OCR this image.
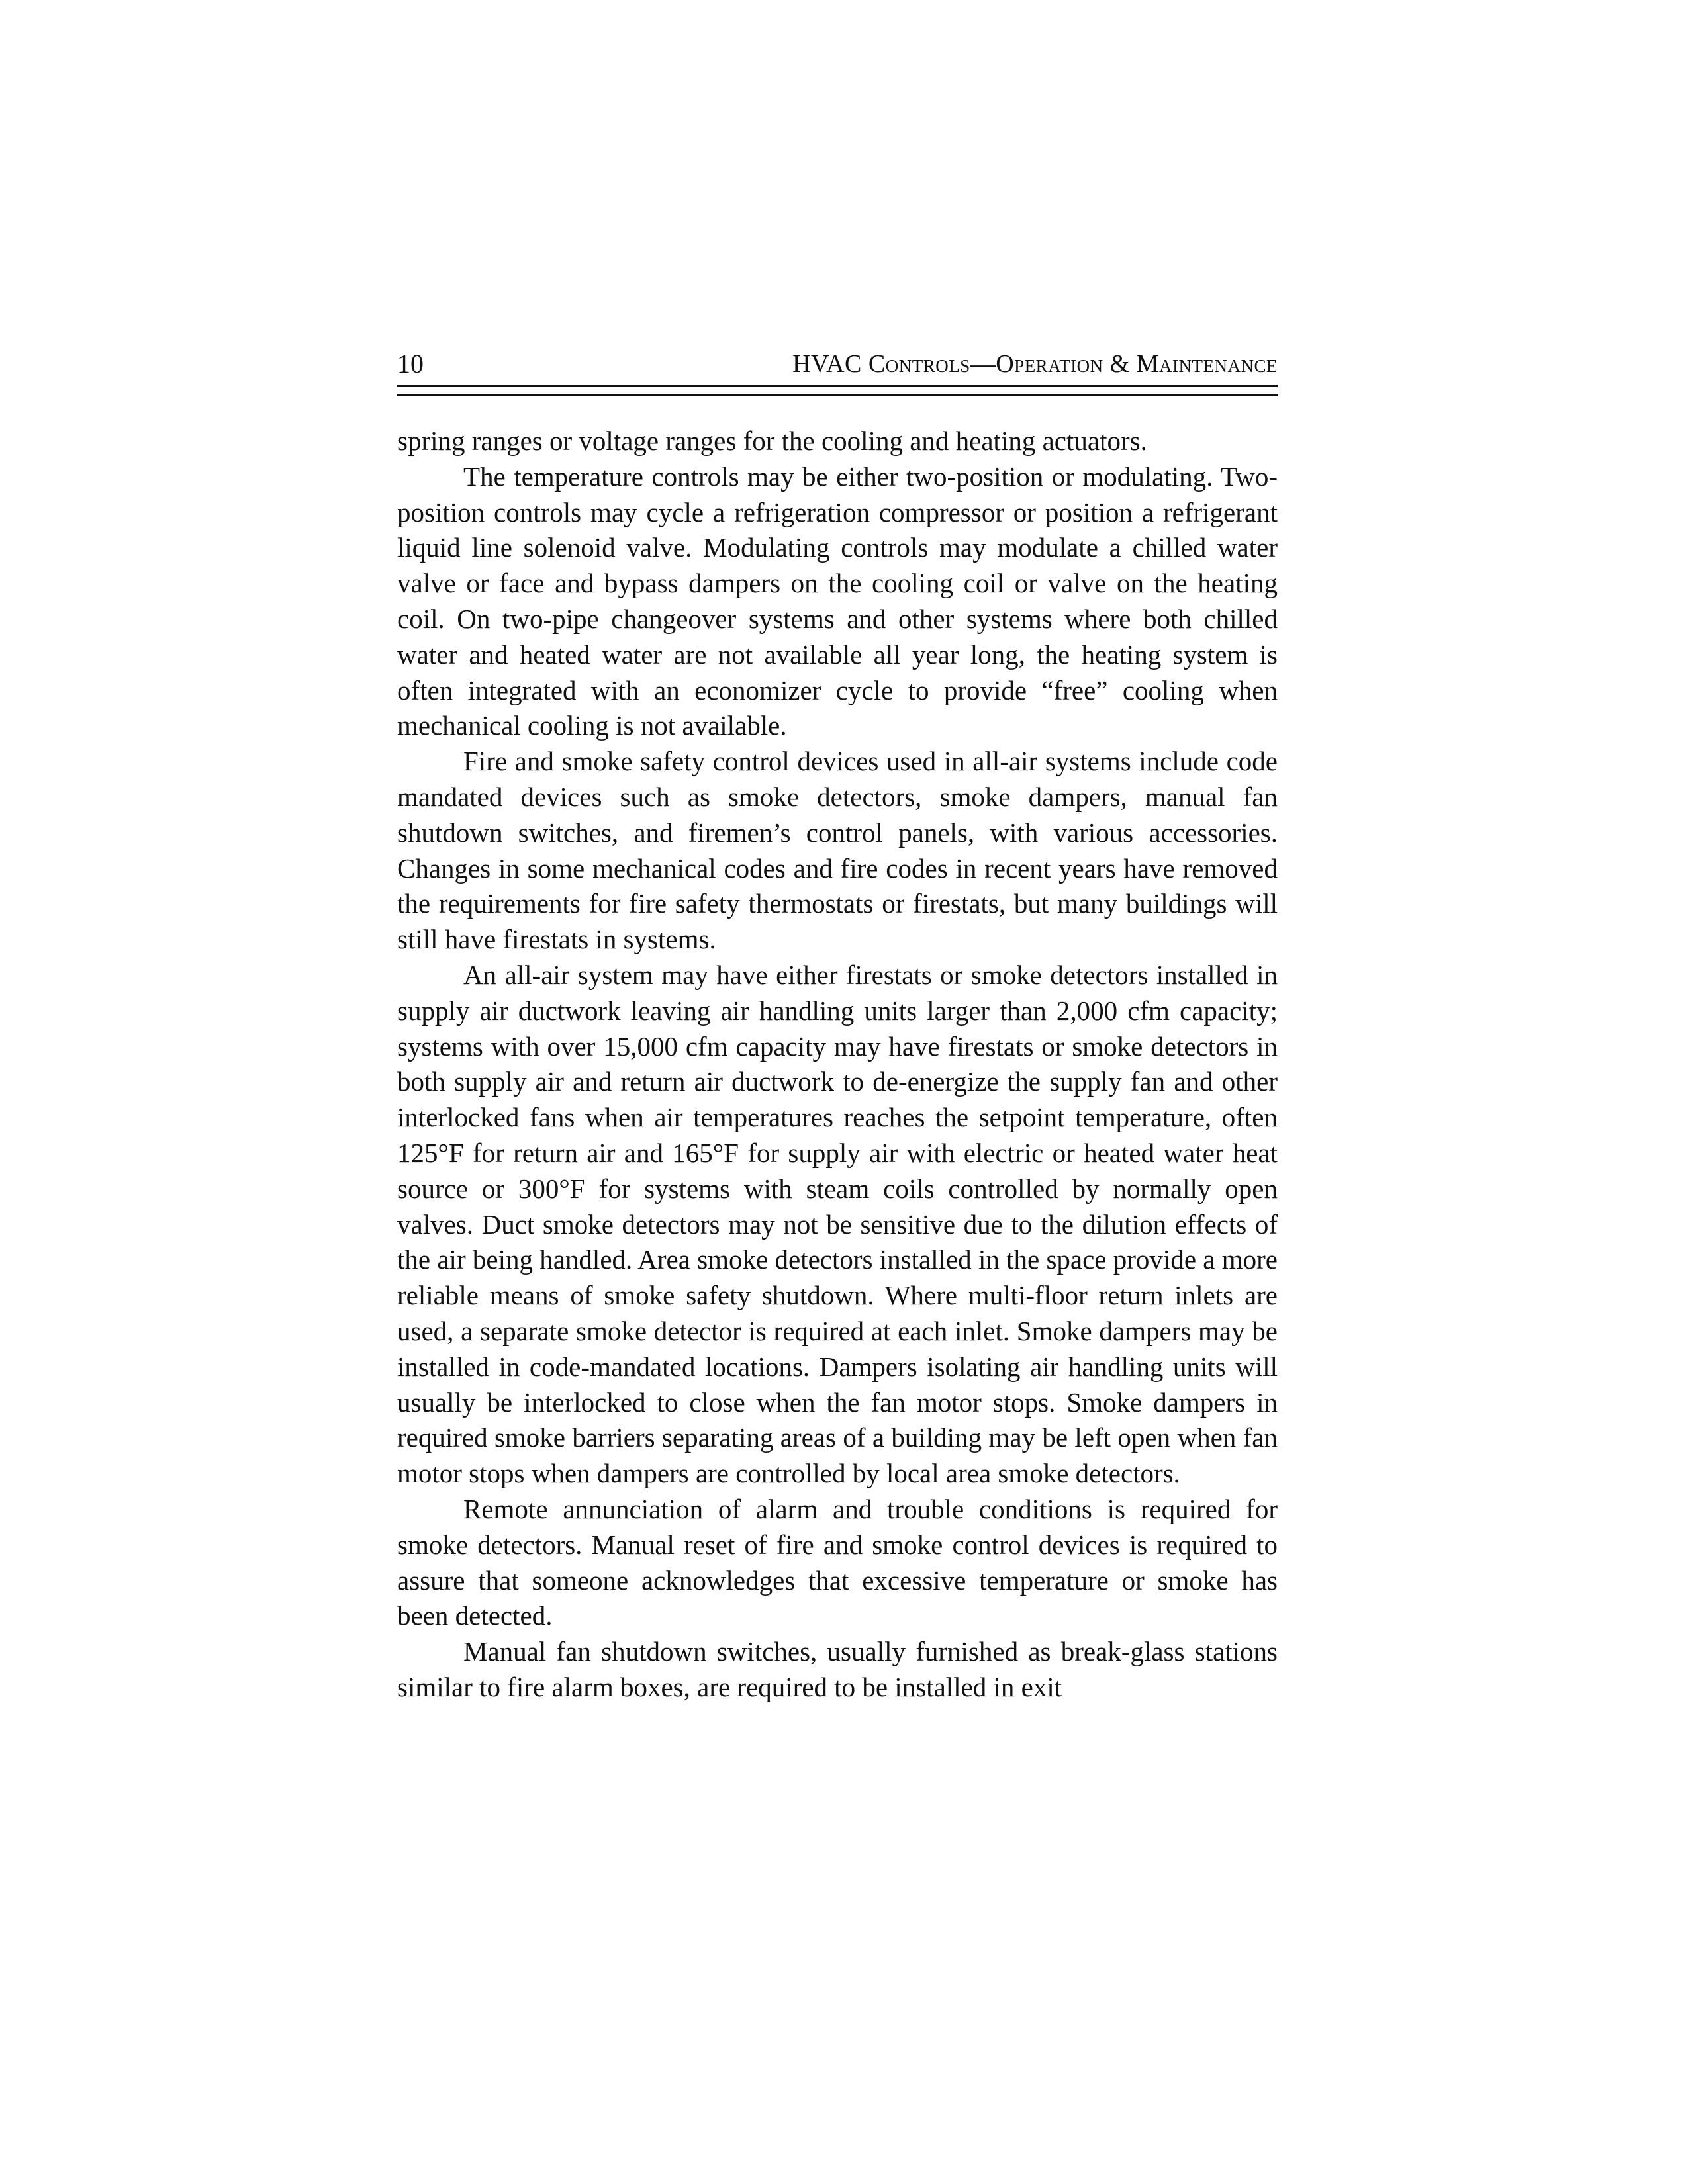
10	HVAC Controls—Operation & Maintenance

spring ranges or voltage ranges for the cooling and heating actuators.

The temperature controls may be either two-position or modulating. Two-position controls may cycle a refrigeration compressor or position a refrigerant liquid line solenoid valve. Modulating controls may modulate a chilled water valve or face and bypass dampers on the cooling coil or valve on the heating coil. On two-pipe changeover systems and other systems where both chilled water and heated water are not available all year long, the heating system is often integrated with an economizer cycle to provide “free” cooling when mechanical cooling is not available.

Fire and smoke safety control devices used in all-air systems include code mandated devices such as smoke detectors, smoke dampers, manual fan shutdown switches, and firemen’s control panels, with various accessories. Changes in some mechanical codes and fire codes in recent years have removed the requirements for fire safety thermostats or firestats, but many buildings will still have firestats in systems.

An all-air system may have either firestats or smoke detectors installed in supply air ductwork leaving air handling units larger than 2,000 cfm capacity; systems with over 15,000 cfm capacity may have firestats or smoke detectors in both supply air and return air ductwork to de-energize the supply fan and other interlocked fans when air temperatures reaches the setpoint temperature, often 125°F for return air and 165°F for supply air with electric or heated water heat source or 300°F for systems with steam coils controlled by normally open valves. Duct smoke detectors may not be sensitive due to the dilution effects of the air being handled. Area smoke detectors installed in the space provide a more reliable means of smoke safety shutdown. Where multi-floor return inlets are used, a separate smoke detector is required at each inlet. Smoke dampers may be installed in code-mandated locations. Dampers isolating air handling units will usually be interlocked to close when the fan motor stops. Smoke dampers in required smoke barriers separating areas of a building may be left open when fan motor stops when dampers are controlled by local area smoke detectors.

Remote annunciation of alarm and trouble conditions is required for smoke detectors. Manual reset of fire and smoke control devices is required to assure that someone acknowledges that excessive temperature or smoke has been detected.

Manual fan shutdown switches, usually furnished as break-glass stations similar to fire alarm boxes, are required to be installed in exit
